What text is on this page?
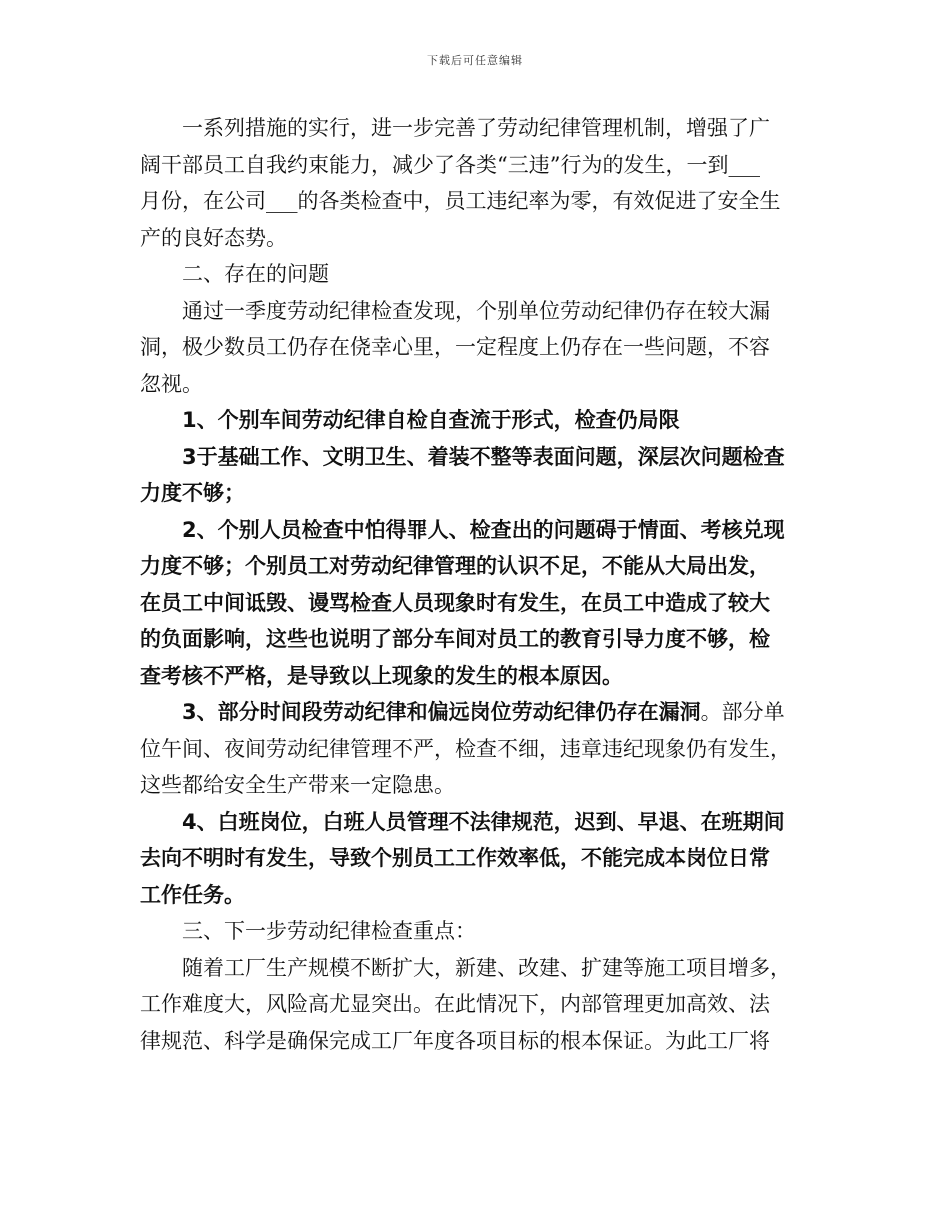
下载后可任意编辑
一系列措施的实行，进一步完善了劳动纪律管理机制，增强了广
阔干部员工自我约束能力，减少了各类“三违”行为的发生，一到___
月份，在公司___的各类检查中，员工违纪率为零，有效促进了安全生
产的良好态势。
二、存在的问题
通过一季度劳动纪律检查发现，个别单位劳动纪律仍存在较大漏
洞，极少数员工仍存在侥幸心里，一定程度上仍存在一些问题，不容
忽视。
1、个别车间劳动纪律自检自查流于形式，检查仍局限
3于基础工作、文明卫生、着装不整等表面问题，深层次问题检查
力度不够；
2、个别人员检查中怕得罪人、检查出的问题碍于情面、考核兑现
力度不够；个别员工对劳动纪律管理的认识不足，不能从大局出发，
在员工中间诋毁、谩骂检查人员现象时有发生，在员工中造成了较大
的负面影响，这些也说明了部分车间对员工的教育引导力度不够，检
查考核不严格，是导致以上现象的发生的根本原因。
3、部分时间段劳动纪律和偏远岗位劳动纪律仍存在漏洞 。部分单
位午间、夜间劳动纪律管理不严，检查不细，违章违纪现象仍有发生，
这些都给安全生产带来一定隐患。
4、白班岗位，白班人员管理不法律规范，迟到、早退、在班期间
去向不明时有发生，导致个别员工工作效率低，不能完成本岗位日常
工作任务。
三、下一步劳动纪律检查重点：
随着工厂生产规模不断扩大，新建、改建、扩建等施工项目增多，
工作难度大，风险高尤显突出。在此情况下，内部管理更加高效、法
律规范、科学是确保完成工厂年度各项目标的根本保证。为此工厂将
